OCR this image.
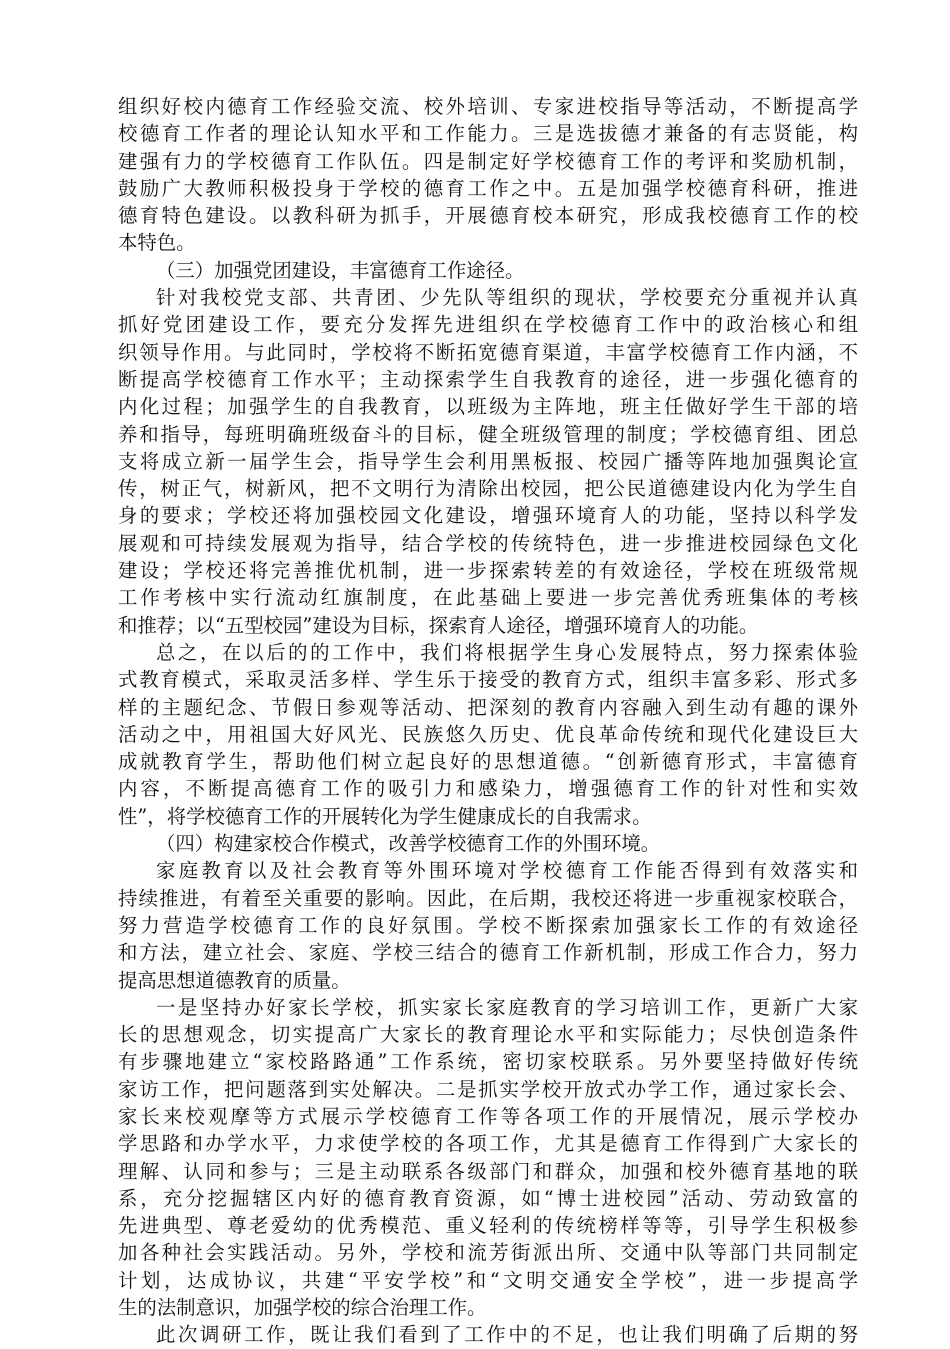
组织好校内德育工作经验交流、校外培训、专家进校指导等活动，不断提高学
校德育工作者的理论认知水平和工作能力。三是选拔德才兼备的有志贤能，构
建强有力的学校德育工作队伍。四是制定好学校德育工作的考评和奖励机制，
鼓励广大教师积极投身于学校的德育工作之中。五是加强学校德育科研，推进
德育特色建设。以教科研为抓手，开展德育校本研究，形成我校德育工作的校
本特色。
（三）加强党团建设，丰富德育工作途径。
针对我校党支部、共青团、少先队等组织的现状，学校要充分重视并认真
抓好党团建设工作，要充分发挥先进组织在学校德育工作中的政治核心和组
织领导作用。与此同时，学校将不断拓宽德育渠道，丰富学校德育工作内涵，不
断提高学校德育工作水平；主动探索学生自我教育的途径，进一步强化德育的
内化过程；加强学生的自我教育，以班级为主阵地，班主任做好学生干部的培
养和指导，每班明确班级奋斗的目标，健全班级管理的制度；学校德育组、团总
支将成立新一届学生会，指导学生会利用黑板报、校园广播等阵地加强舆论宣
传，树正气，树新风，把不文明行为清除出校园，把公民道德建设内化为学生自
身的要求；学校还将加强校园文化建设，增强环境育人的功能，坚持以科学发
展观和可持续发展观为指导，结合学校的传统特色，进一步推进校园绿色文化
建设；学校还将完善推优机制，进一步探索转差的有效途径，学校在班级常规
工作考核中实行流动红旗制度，在此基础上要进一步完善优秀班集体的考核
和推荐；以“五型校园”建设为目标，探索育人途径，增强环境育人的功能。
总之，在以后的的工作中，我们将根据学生身心发展特点，努力探索体验
式教育模式，采取灵活多样、学生乐于接受的教育方式，组织丰富多彩、形式多
样的主题纪念、节假日参观等活动、把深刻的教育内容融入到生动有趣的课外
活动之中，用祖国大好风光、民族悠久历史、优良革命传统和现代化建设巨大
成就教育学生，帮助他们树立起良好的思想道德。“创新德育形式，丰富德育
内容，不断提高德育工作的吸引力和感染力，增强德育工作的针对性和实效
性”，将学校德育工作的开展转化为学生健康成长的自我需求。
（四）构建家校合作模式，改善学校德育工作的外围环境。
家庭教育以及社会教育等外围环境对学校德育工作能否得到有效落实和
持续推进，有着至关重要的影响。因此，在后期，我校还将进一步重视家校联合，
努力营造学校德育工作的良好氛围。学校不断探索加强家长工作的有效途径
和方法，建立社会、家庭、学校三结合的德育工作新机制，形成工作合力，努力
提高思想道德教育的质量。
一是坚持办好家长学校，抓实家长家庭教育的学习培训工作，更新广大家
长的思想观念，切实提高广大家长的教育理论水平和实际能力；尽快创造条件
有步骤地建立“家校路路通”工作系统，密切家校联系。另外要坚持做好传统
家访工作，把问题落到实处解决。二是抓实学校开放式办学工作，通过家长会、
家长来校观摩等方式展示学校德育工作等各项工作的开展情况，展示学校办
学思路和办学水平，力求使学校的各项工作，尤其是德育工作得到广大家长的
理解、认同和参与；三是主动联系各级部门和群众，加强和校外德育基地的联
系，充分挖掘辖区内好的德育教育资源，如“博士进校园”活动、劳动致富的
先进典型、尊老爱幼的优秀模范、重义轻利的传统榜样等等，引导学生积极参
加各种社会实践活动。另外，学校和流芳街派出所、交通中队等部门共同制定
计划，达成协议，共建“平安学校”和“文明交通安全学校”，进一步提高学
生的法制意识，加强学校的综合治理工作。
此次调研工作，既让我们看到了工作中的不足，也让我们明确了后期的努
